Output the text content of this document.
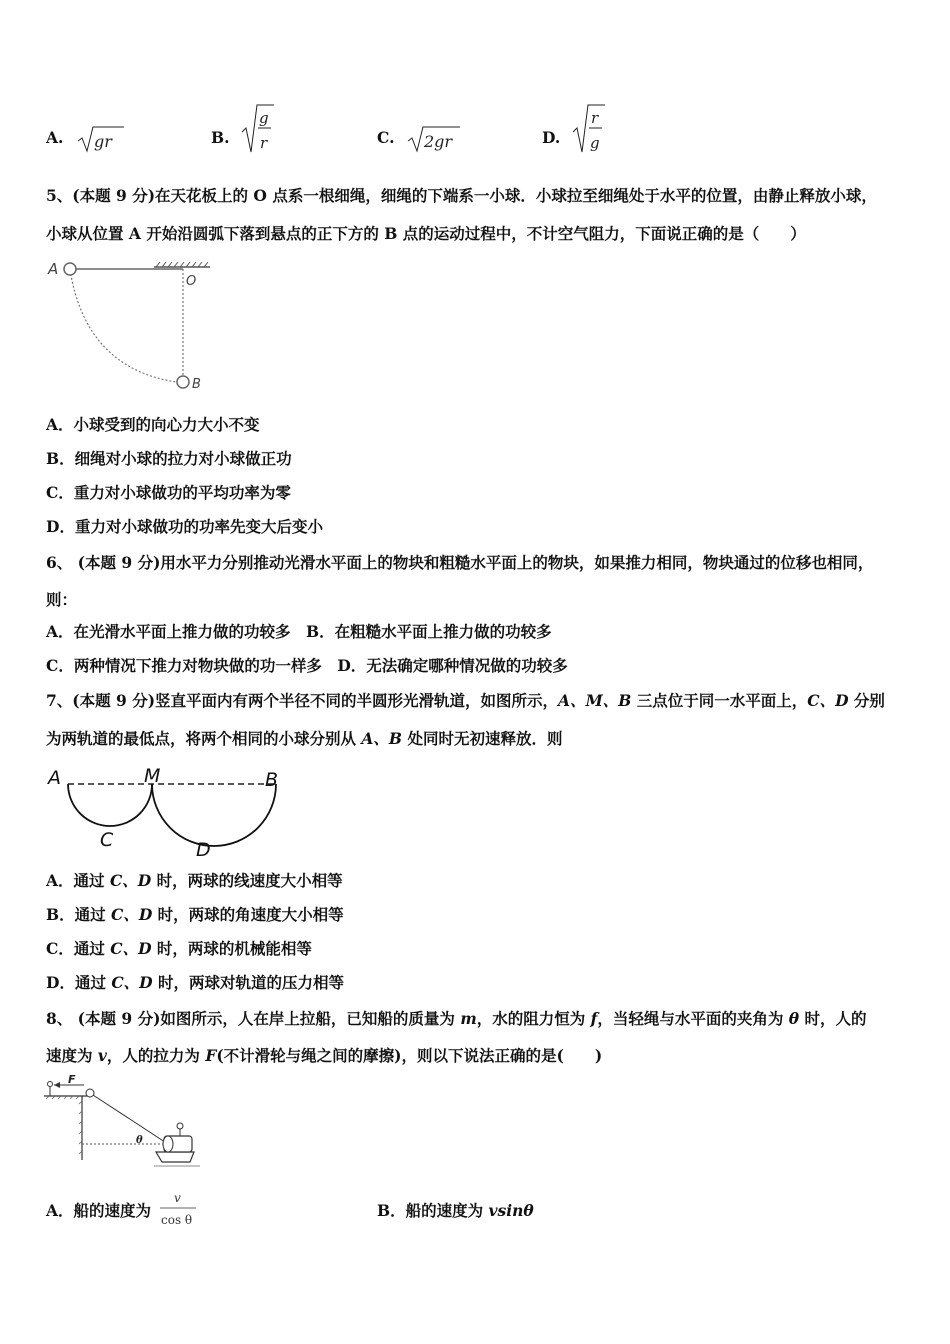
A. gr	B.
g
r	C. 2gr	D.
r
g
5、(本题 9 分)在天花板上的 O 点系一根细绳，细绳的下端系一小球．小球拉至细绳处于水平的位置，由静止释放小球，
小球从位置 A 开始沿圆弧下落到悬点的正下方的 B 点的运动过程中，不计空气阻力，下面说正确的是（　　）
A
O
B
A．小球受到的向心力大小不变
B．细绳对小球的拉力对小球做正功
C．重力对小球做功的平均功率为零
D．重力对小球做功的功率先变大后变小
6、 (本题 9 分)用水平力分别推动光滑水平面上的物块和粗糙水平面上的物块，如果推力相同，物块通过的位移也相同，
则：
A．在光滑水平面上推力做的功较多　B．在粗糙水平面上推力做的功较多
C．两种情况下推力对物块做的功一样多　D．无法确定哪种情况做的功较多
7、(本题 9 分)竖直平面内有两个半径不同的半圆形光滑轨道，如图所示，A、M、B 三点位于同一水平面上，C、D 分别
为两轨道的最低点，将两个相同的小球分别从 A、B 处同时无初速释放．则
A	M	B
C	D
A．通过 C、D 时，两球的线速度大小相等
B．通过 C、D 时，两球的角速度大小相等
C．通过 C、D 时，两球的机械能相等
D．通过 C、D 时，两球对轨道的压力相等
8、 (本题 9 分)如图所示，人在岸上拉船，已知船的质量为 m，水的阻力恒为 f，当轻绳与水平面的夹角为 θ 时，人的
速度为 v，人的拉力为 F(不计滑轮与绳之间的摩擦)，则以下说法正确的是(　　)
F
θ
A．船的速度为
v
cos θ	B．船的速度为 vsinθ
